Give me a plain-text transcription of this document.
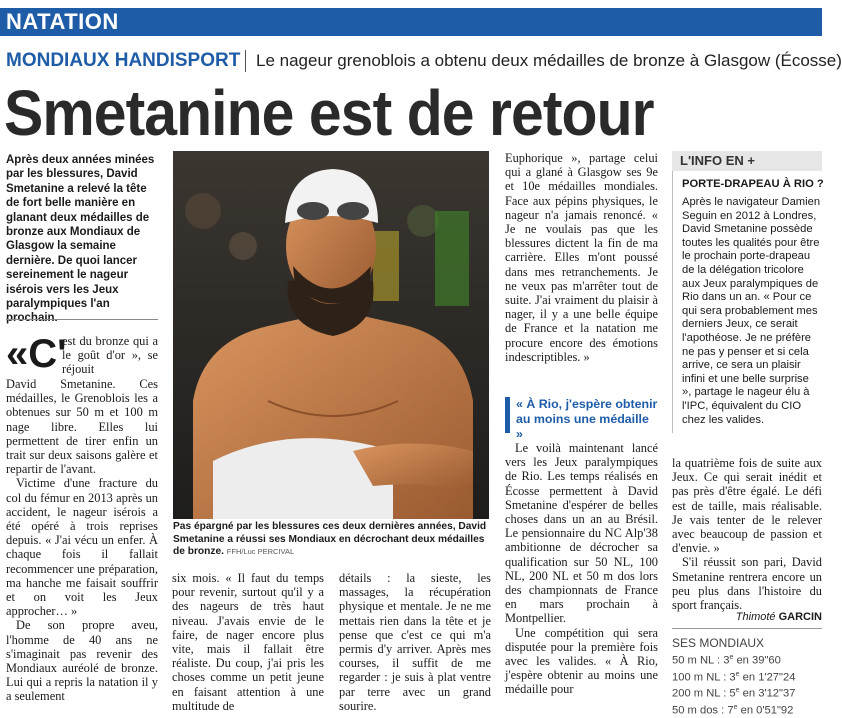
NATATION
MONDIAUX HANDISPORT Le nageur grenoblois a obtenu deux médailles de bronze à Glasgow (Écosse)
Smetanine est de retour
Après deux années minées par les blessures, David Smetanine a relevé la tête de fort belle manière en glanant deux médailles de bronze aux Mondiaux de Glasgow la semaine dernière. De quoi lancer sereinement le nageur isérois vers les Jeux paralympiques l'an
«C'

est du bronze qui a le goût d'or », se réjouit

David Smetanine. Ces médailles, le Grenoblois les a obtenues sur 50 m et 100 m nage libre. Elles lui permettent de tirer enfin un trait sur deux saisons galère et repartir de l'avant.

Victime d'une fracture du col du fémur en 2013 après un accident, le nageur isérois a été opéré à trois reprises depuis. « J'ai vécu un enfer. À chaque fois il fallait recommencer une préparation, ma hanche me faisait souffrir et on voit les Jeux approcher… »

De son propre aveu, l'homme de 40 ans ne s'imaginait pas revenir des Mondiaux auréolé de bronze. Lui qui a repris la natation il y a seulement

Pas épargné par les blessures ces deux dernières années, David Smetanine a réussi ses Mondiaux en décrochant deux médailles de bronze. FFH/Luc PERCIVAL

six mois. « Il faut du temps pour revenir, surtout qu'il y a des nageurs de très haut niveau. J'avais envie de le faire, de nager encore plus vite, mais il fallait être réaliste. Du coup, j'ai pris les choses comme un petit jeune en faisant attention à une multitude de

détails : la sieste, les massages, la récupération physique et mentale. Je ne me mettais rien dans la tête et je pense que c'est ce qui m'a permis d'y arriver. Après mes courses, il suffit de me regarder : je suis à plat ventre par terre avec un grand sourire.

Euphorique », partage celui qui a glané à Glasgow ses 9e et 10e médailles mondiales. Face aux pépins physiques, le nageur n'a jamais renoncé. « Je ne voulais pas que les blessures dictent la fin de ma carrière. Elles m'ont poussé dans mes retranchements. Je ne veux pas m'arrêter tout de suite. J'ai vraiment du plaisir à nager, il y a une belle équipe de France et la natation me procure encore des émotions indescriptibles. »

« À Rio, j'espère obtenir au moins une médaille »

Le voilà maintenant lancé vers les Jeux paralympiques de Rio. Les temps réalisés en Écosse permettent à David Smetanine d'espérer de belles choses dans un an au Brésil. Le pensionnaire du NC Alp'38 ambitionne de décrocher sa qualification sur 50 NL, 100 NL, 200 NL et 50 m dos lors des championnats de France en mars prochain à Montpellier.

Une compétition qui sera disputée pour la première fois avec les valides. « À Rio, j'espère obtenir au moins une médaille pour

L'INFO EN +
PORTE-DRAPEAU À RIO ?
Après le navigateur Damien Seguin en 2012 à Londres, David Smetanine possède toutes les qualités pour être le prochain porte-drapeau de la délégation tricolore aux Jeux paralympiques de Rio dans un an. « Pour ce qui sera probablement mes derniers Jeux, ce serait l'apothéose. Je ne préfère ne pas y penser et si cela arrive, ce sera un plaisir infini et une belle surprise », partage le nageur élu à l'IPC, équivalent du CIO chez les valides.

la quatrième fois de suite aux Jeux. Ce qui serait inédit et pas près d'être égalé. Le défi est de taille, mais réalisable. Je vais tenter de le relever avec beaucoup de passion et d'envie. »

S'il réussit son pari, David Smetanine rentrera encore un peu plus dans l'histoire du sport français.

Thimoté GARCIN
SES MONDIAUX
50 m NL : 3e en 39"60
100 m NL : 3e en 1'27"24
200 m NL : 5e en 3'12"37
50 m dos : 7e en 0'51"92
